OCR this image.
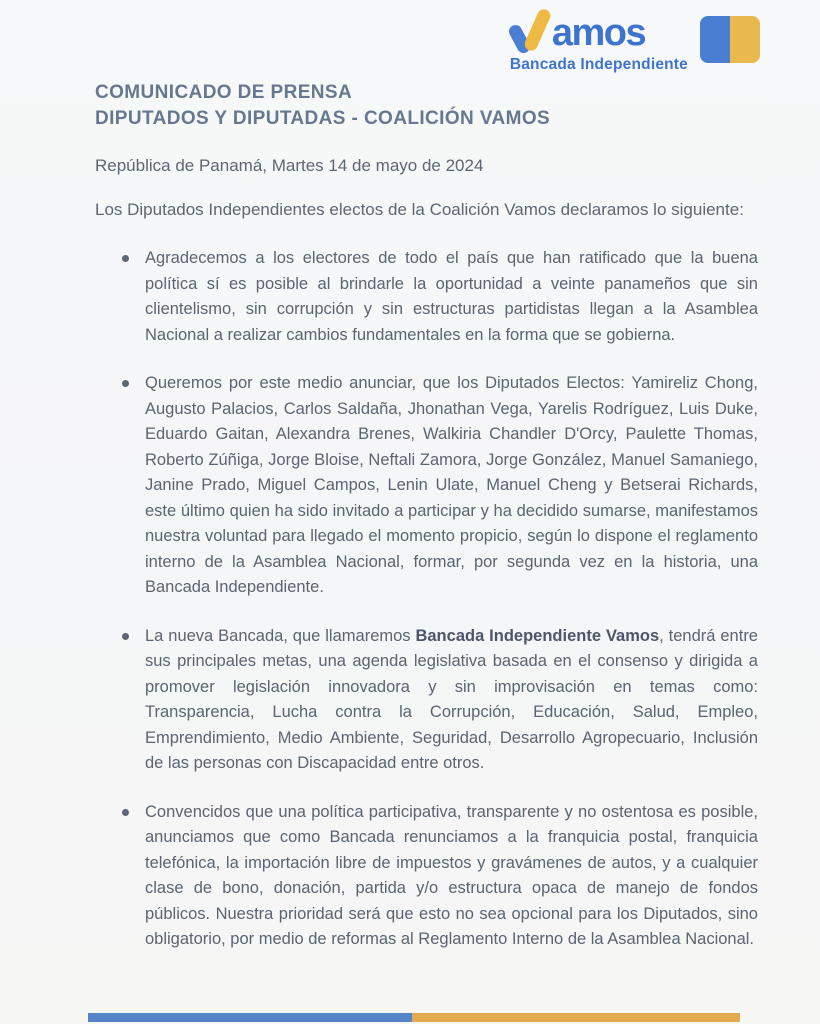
amos
Bancada Independiente
COMUNICADO DE PRENSA
DIPUTADOS Y DIPUTADAS - COALICIÓN VAMOS
República de Panamá, Martes 14 de mayo de 2024
Los Diputados Independientes electos de la Coalición Vamos declaramos lo siguiente:

Agradecemos a los electores de todo el país que han ratificado que la buena política sí es posible al brindarle la oportunidad a veinte panameños que sin clientelismo, sin corrupción y sin estructuras partidistas llegan a la Asamblea Nacional a realizar cambios fundamentales en la forma que se gobierna.

Queremos por este medio anunciar, que los Diputados Electos: Yamireliz Chong, Augusto Palacios, Carlos Saldaña, Jhonathan Vega, Yarelis Rodríguez, Luis Duke, Eduardo Gaitan, Alexandra Brenes, Walkiria Chandler D'Orcy, Paulette Thomas, Roberto Zúñiga, Jorge Bloise, Neftali Zamora, Jorge González, Manuel Samaniego, Janine Prado, Miguel Campos, Lenin Ulate, Manuel Cheng y Betserai Richards, este último quien ha sido invitado a participar y ha decidido sumarse, manifestamos nuestra voluntad para llegado el momento propicio, según lo dispone el reglamento interno de la Asamblea Nacional, formar, por segunda vez en la historia, una Bancada Independiente.

La nueva Bancada, que llamaremos Bancada Independiente Vamos, tendrá entre sus principales metas, una agenda legislativa basada en el consenso y dirigida a promover legislación innovadora y sin improvisación en temas como: Transparencia, Lucha contra la Corrupción, Educación, Salud, Empleo, Emprendimiento, Medio Ambiente, Seguridad, Desarrollo Agropecuario, Inclusión de las personas con Discapacidad entre otros.

Convencidos que una política participativa, transparente y no ostentosa es posible, anunciamos que como Bancada renunciamos a la franquicia postal, franquicia telefónica, la importación libre de impuestos y gravámenes de autos, y a cualquier clase de bono, donación, partida y/o estructura opaca de manejo de fondos públicos. Nuestra prioridad será que esto no sea opcional para los Diputados, sino obligatorio, por medio de reformas al Reglamento Interno de la Asamblea Nacional.
